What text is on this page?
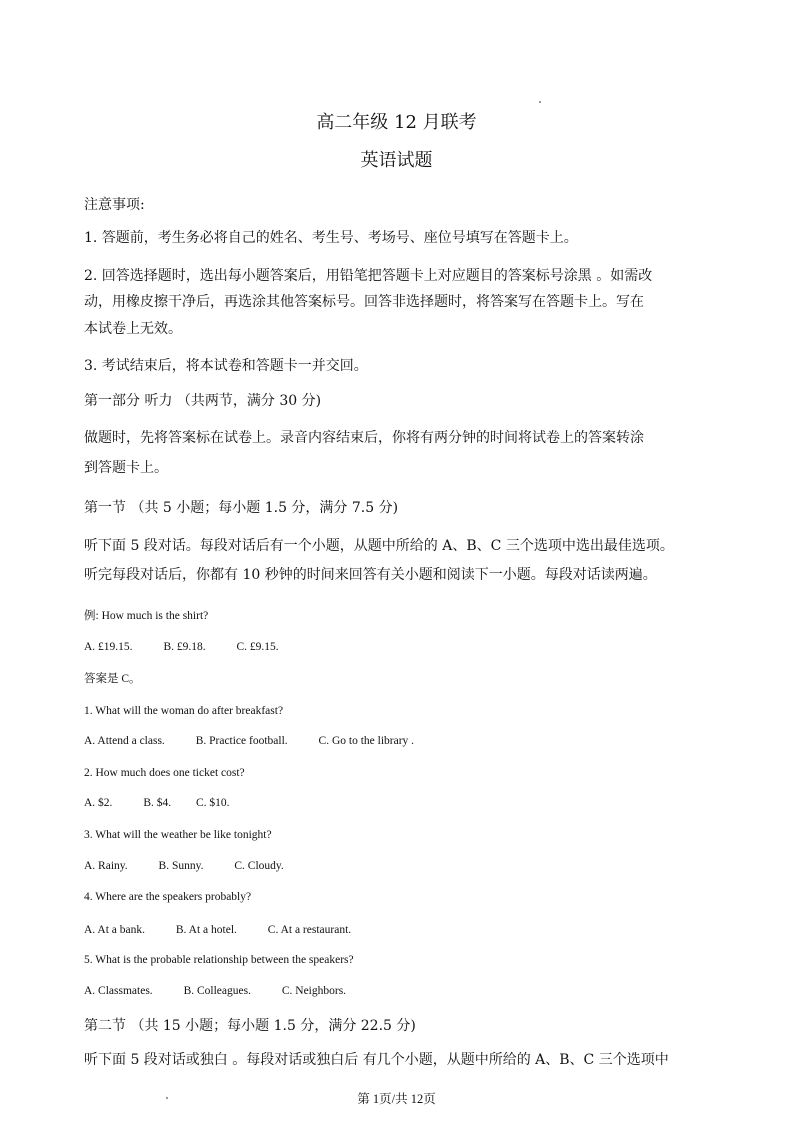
高二年级 12 月联考
英语试题
注意事项:
1. 答题前，考生务必将自己的姓名、考生号、考场号、座位号填写在答题卡上。
2. 回答选择题时，选出每小题答案后，用铅笔把答题卡上对应题目的答案标号涂黑 。如需改
动，用橡皮擦干净后，再选涂其他答案标号。回答非选择题时，将答案写在答题卡上。写在
本试卷上无效。
3. 考试结束后，将本试卷和答题卡一并交回。
第一部分 听力 （共两节，满分 30 分)
做题时，先将答案标在试卷上。录音内容结束后，你将有两分钟的时间将试卷上的答案转涂
到答题卡上。
第一节 （共 5 小题；每小题 1.5 分，满分 7.5 分)
听下面 5 段对话。每段对话后有一个小题，从题中所给的 A、B、C 三个选项中选出最佳选项。
听完每段对话后，你都有 10 秒钟的时间来回答有关小题和阅读下一小题。每段对话读两遍。
例: How much is the shirt?
A. £19.15.	B. £9.18.	C. £9.15.
答案是 C。
1. What will the woman do after breakfast?
A. Attend a class.	B. Practice football.	C. Go to the library .
2. How much does one ticket cost?
A. $2.	B. $4. C. $10.
3. What will the weather be like tonight?
A. Rainy.	B. Sunny.	C. Cloudy.
4. Where are the speakers probably?
A. At a bank.	B. At a hotel.	C. At a restaurant.
5. What is the probable relationship between the speakers?
A. Classmates.	B. Colleagues.	C. Neighbors.
第二节 （共 15 小题；每小题 1.5 分，满分 22.5 分)
听下面 5 段对话或独白 。每段对话或独白后 有几个小题，从题中所给的 A、B、C 三个选项中
第 1页/共 12页
